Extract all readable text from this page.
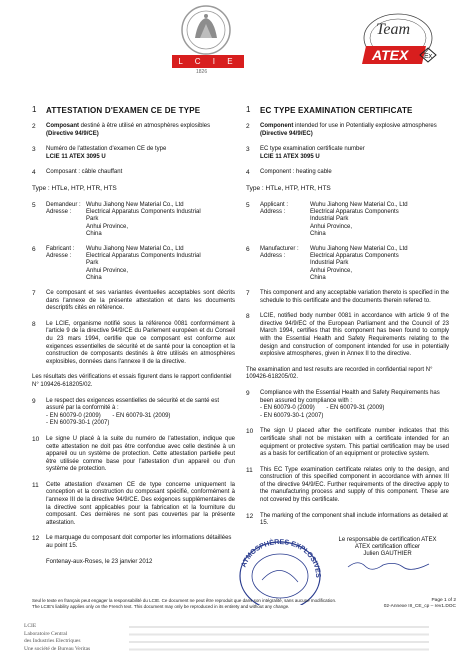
L C I E
1826
Team
ATEX Ex
1	ATTESTATION D'EXAMEN CE DE TYPE
2	Composant destiné à être utilisé en atmosphères explosibles
(Directive 94/9/CE)
3	Numéro de l'attestation d'examen CE de type
LCIE 11 ATEX 3095 U
4	Composant : câble chauffant
Type : HTLe, HTP, HTR, HTS
5	Demandeur :	Wuhu Jiahong New Material Co., Ltd
Adresse :	Electrical Apparatus Components Industrial
Park
Anhui Province,
China
6	Fabricant :	Wuhu Jiahong New Material Co., Ltd
Adresse :	Electrical Apparatus Components Industrial
Park
Anhui Province,
China
7	Ce composant et ses variantes éventuelles acceptables sont décrits dans l'annexe de la présente attestation et dans les documents descriptifs cités en référence.
8	Le LCIE, organisme notifié sous la référence 0081 conformément à l'article 9 de la directive 94/9/CE du Parlement européen et du Conseil du 23 mars 1994, certifie que ce composant est conforme aux exigences essentielles de sécurité et de santé pour la conception et la construction de composants destinés à être utilisés en atmosphères explosibles, données dans l'annexe II de la directive.
Les résultats des vérifications et essais figurent dans le rapport confidentiel N° 109426-618205/02.
9	Le respect des exigences essentielles de sécurité et de santé est assuré par la conformité à :
- EN 60079-0 (2009) - EN 60079-31 (2009)
- EN 60079-30-1 (2007)
10	Le signe U placé à la suite du numéro de l'attestation, indique que cette attestation ne doit pas être confondue avec celle destinée à un appareil ou un système de protection. Cette attestation partielle peut être utilisée comme base pour l'attestation d'un appareil ou d'un système de protection.
11	Cette attestation d'examen CE de type concerne uniquement la conception et la construction du composant spécifié, conformément à l'annexe III de la directive 94/9/CE. Des exigences supplémentaires de la directive sont applicables pour la fabrication et la fourniture du composant. Ces dernières ne sont pas couvertes par la présente attestation.
12	Le marquage du composant doit comporter les informations détaillées au point 15.
Fontenay-aux-Roses, le 23 janvier 2012
1	EC TYPE EXAMINATION CERTIFICATE
2	Component intended for use in Potentially explosive atmospheres (Directive 94/9/EC)
3	EC type examination certificate number
LCIE 11 ATEX 3095 U
4	Component : heating cable
Type : HTLe, HTP, HTR, HTS
5	Applicant :	Wuhu Jiahong New Material Co., Ltd
Address :	Electrical Apparatus Components
Industrial Park
Anhui Province,
China
6	Manufacturer :	Wuhu Jiahong New Material Co., Ltd
Address :	Electrical Apparatus Components
Industrial Park
Anhui Province,
China
7	This component and any acceptable variation thereto is specified in the schedule to this certificate and the documents therein refered to.
8	LCIE, notified body number 0081 in accordance with article 9 of the directive 94/9/EC of the European Parliament and the Council of 23 March 1994, certifies that this component has been found to comply with the Essential Health and Safety Requirements relating to the design and construction of component intended for use in potentially explosive atmospheres, given in Annex II to the directive.
The examination and test results are recorded in confidential report N° 109426-618205/02.
9	Compliance with the Essential Health and Safety Requirements has been assured by compliance with :
- EN 60079-0 (2009) - EN 60079-31 (2009)
- EN 60079-30-1 (2007)
10	The sign U placed after the certificate number indicates that this certificate shall not be mistaken with a certificate intended for an equipment or protective system. This partial certification may be used as a basis for certification of an equipment or protective system.
11	This EC Type examination certificate relates only to the design, and construction of this specified component in accordance with annex III of the directive 94/9/EC. Further requirements of the directive apply to the manufacturing process and supply of this component. These are not covered by this certificate.
12	The marking of the component shall include informations as detailed at 15.
ATMOSPHÈRES EXPLOSIVES
Le responsable de certification ATEX
ATEX certification officer
Julien GAUTHIER
Seul le texte en français peut engager la responsabilité du LCIE. Ce document ne peut être reproduit que dans son intégralité, sans aucune modification.
The LCIE's liability applies only on the French text. This document may only be reproduced in its entirety and without any change.
Page 1 of 2
02-Annexe III_CE_cp – rev1.DOC
LCIE
Laboratoire Central
des Industries Electriques
Une société de Bureau Veritas
